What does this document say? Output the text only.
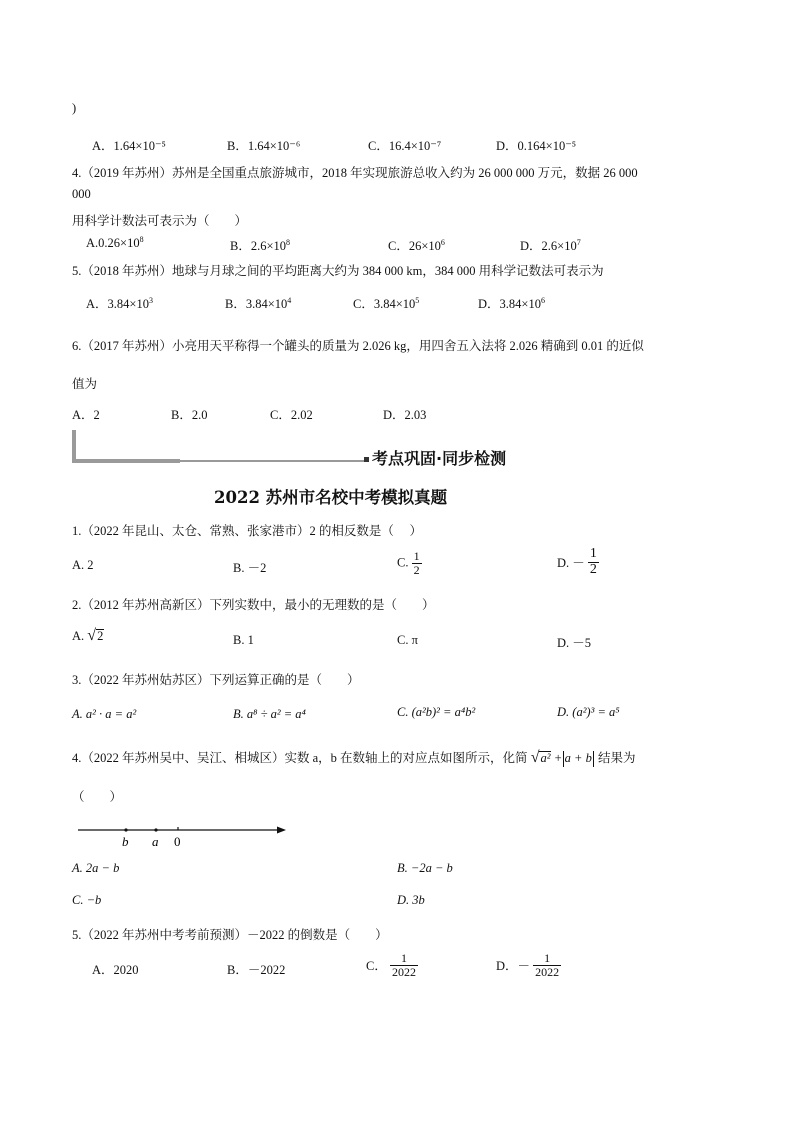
)
A．1.64×10⁻⁵	B．1.64×10⁻⁶	C．16.4×10⁻⁷	D．0.164×10⁻⁵
4.（2019 年苏州）苏州是全国重点旅游城市，2018 年实现旅游总收入约为 26 000 000 万元，数据 26 000
000
用科学计数法可表示为（　　）
$A.0.26\times 10^8$	B．$2.6\times 10^8$	C．$26\times 10^6$	D．$2.6\times 10^7$
5.（2018 年苏州）地球与月球之间的平均距离大约为 384 000 km，384 000 用科学记数法可表示为
A．$3.84\times 10^3$	B．$3.84\times 10^4$	C．$3.84\times 10^5$	D．$3.84\times 10^6$
6.（2017 年苏州）小亮用天平称得一个罐头的质量为 2.026 kg，用四舍五入法将 2.026 精确到 0.01 的近似
值为
A．2	B．2.0	C．2.02	D．2.03
考点巩固·同步检测
2022 苏州市名校中考模拟真题
1.（2022 年昆山、太仓、常熟、张家港市）2 的相反数是（　 ）
A. 2	B. －2	C. $\frac{1}{2}$	D. － $\frac{1}{2}$
2.（2012 年苏州高新区）下列实数中，最小的无理数的是（　　）
A. √ 2	B. 1	C. π	D. －5
3.（2022 年苏州姑苏区）下列运算正确的是（　　）
A. a² · a = a²	B. a⁸ ÷ a² = a⁴	C. (a²b)² = a⁴b²	D. (a²)³ = a⁵
4.（2022 年苏州吴中、吴江、相城区）实数 a，b 在数轴上的对应点如图所示，化简 √ a² + a + b 结果为
（　　）
b a 0
A. 2a − b	B. −2a − b
C. −b	D. 3b
5.（2022 年苏州中考考前预测）－2022 的倒数是（　　）
A．2020	B．－2022	C． $\frac{1}{2022}$	D．－ $\frac{1}{2022}$
